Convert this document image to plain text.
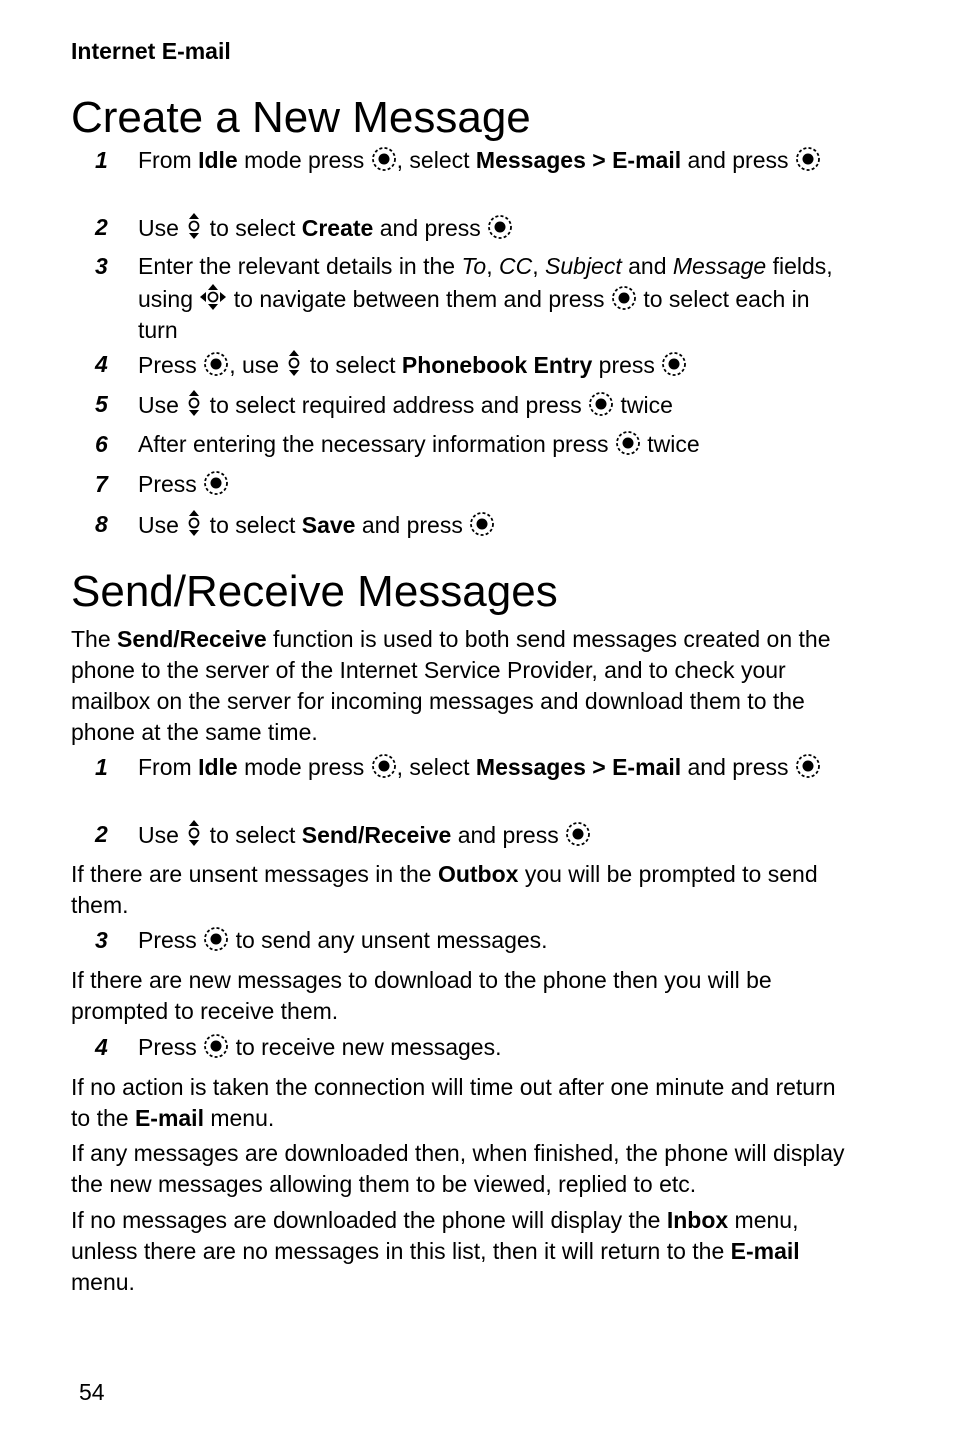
Internet E-mail
Create a New Message
1 From Idle mode press
, select Messages > E-mail and press
2 Use
to select Create and press
3 Enter the relevant details in the To, CC, Subject and Message fields, using
to navigate between them and press
to select each in turn
4 Press
, use
to select Phonebook Entry press
5 Use
to select required address and press
twice
6 After entering the necessary information press
twice
7 Press
8 Use
to select Save and press
Send/Receive Messages
The Send/Receive function is used to both send messages created on the phone to the server of the Internet Service Provider, and to check your mailbox on the server for incoming messages and download them to the phone at the same time.
1 From Idle mode press
, select Messages > E-mail and press
2 Use
to select Send/Receive and press
If there are unsent messages in the Outbox you will be prompted to send them.
3 Press
to send any unsent messages.
If there are new messages to download to the phone then you will be prompted to receive them.
4 Press
to receive new messages.
If no action is taken the connection will time out after one minute and return to the E-mail menu.
If any messages are downloaded then, when finished, the phone will display the new messages allowing them to be viewed, replied to etc.
If no messages are downloaded the phone will display the Inbox menu, unless there are no messages in this list, then it will return to the E-mail menu.
54
